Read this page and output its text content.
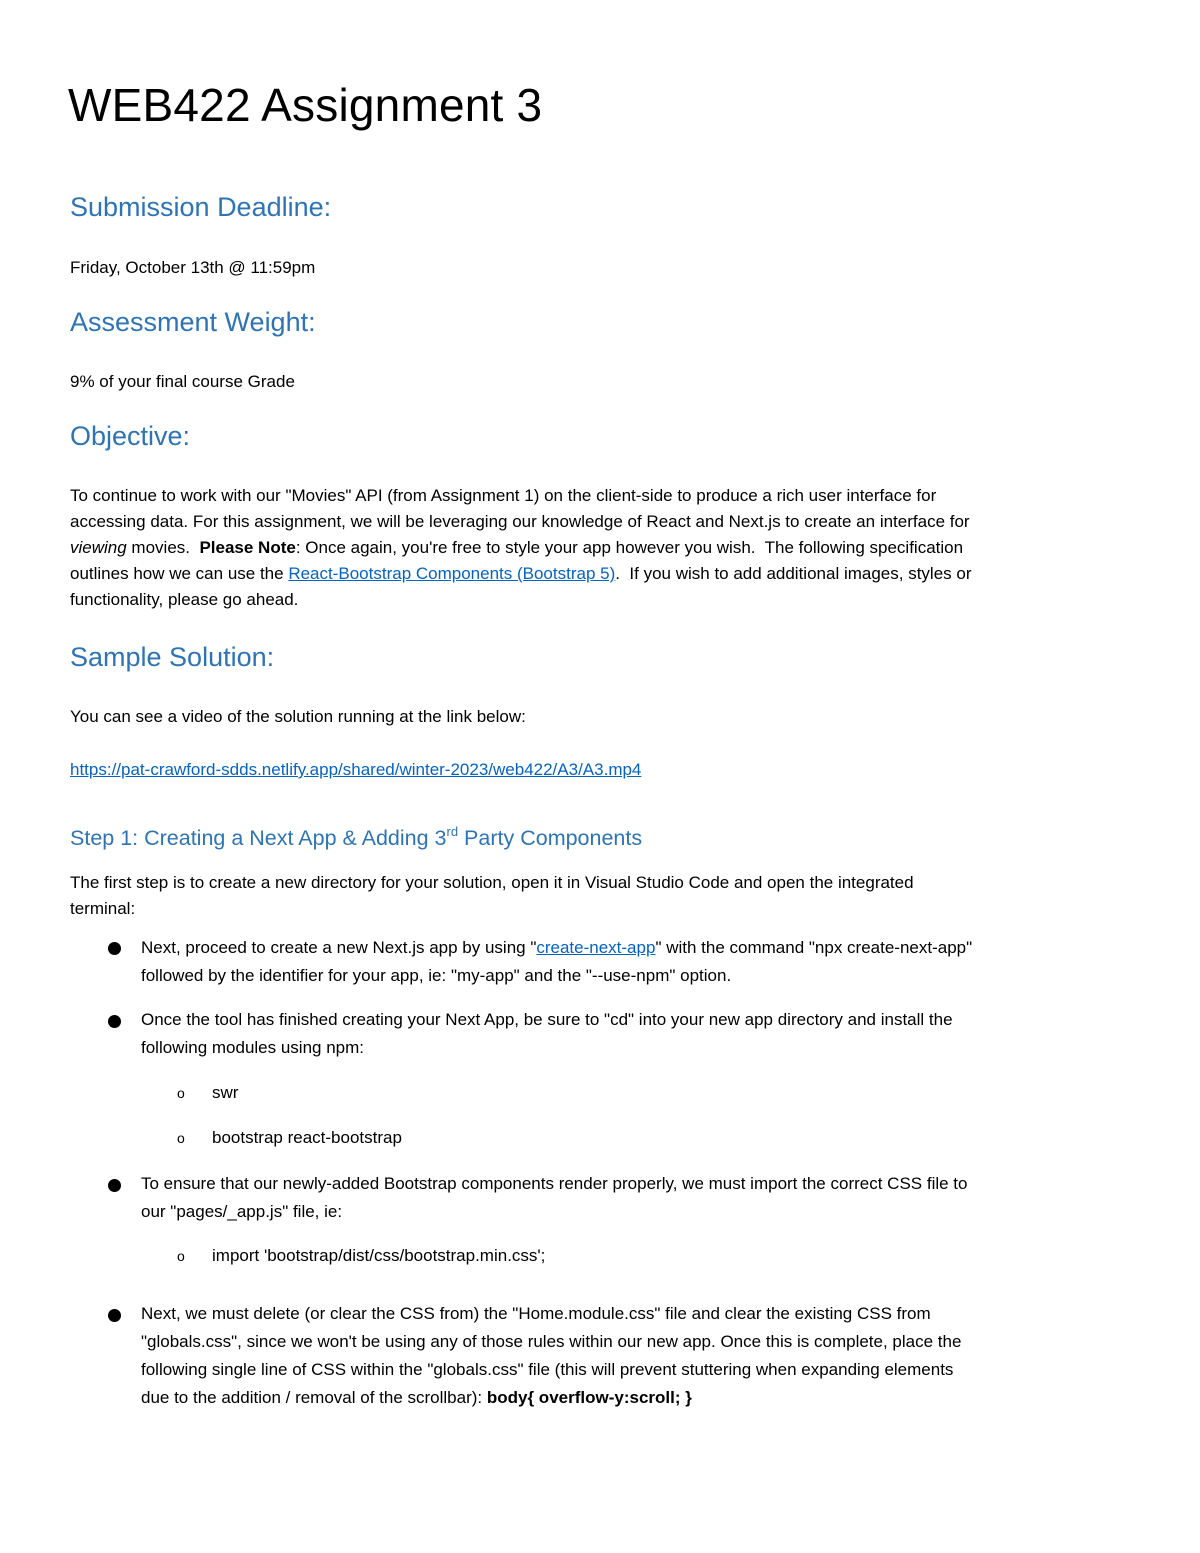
WEB422 Assignment 3
Submission Deadline:

Friday, October 13th @ 11:59pm

Assessment Weight:

9% of your final course Grade

Objective:
To continue to work with our "Movies" API (from Assignment 1) on the client-side to produce a rich user interface for
accessing data. For this assignment, we will be leveraging our knowledge of React and Next.js to create an interface for
viewing movies.  Please Note: Once again, you're free to style your app however you wish.  The following specification
outlines how we can use the React-Bootstrap Components (Bootstrap 5).  If you wish to add additional images, styles or
functionality, please go ahead.
Sample Solution:

You can see a video of the solution running at the link below:

https://pat-crawford-sdds.netlify.app/shared/winter-2023/web422/A3/A3.mp4

Step 1: Creating a Next App & Adding 3rd Party Components
The first step is to create a new directory for your solution, open it in Visual Studio Code and open the integrated
terminal:
Next, proceed to create a new Next.js app by using "create-next-app" with the command "npx create-next-app"
followed by the identifier for your app, ie: "my-app" and the "--use-npm" option.
Once the tool has finished creating your Next App, be sure to "cd" into your new app directory and install the
following modules using npm:
o swr
o bootstrap react-bootstrap
To ensure that our newly-added Bootstrap components render properly, we must import the correct CSS file to
our "pages/_app.js" file, ie:
o import 'bootstrap/dist/css/bootstrap.min.css';
Next, we must delete (or clear the CSS from) the "Home.module.css" file and clear the existing CSS from
"globals.css", since we won't be using any of those rules within our new app. Once this is complete, place the
following single line of CSS within the "globals.css" file (this will prevent stuttering when expanding elements
due to the addition / removal of the scrollbar): body{ overflow-y:scroll; }
